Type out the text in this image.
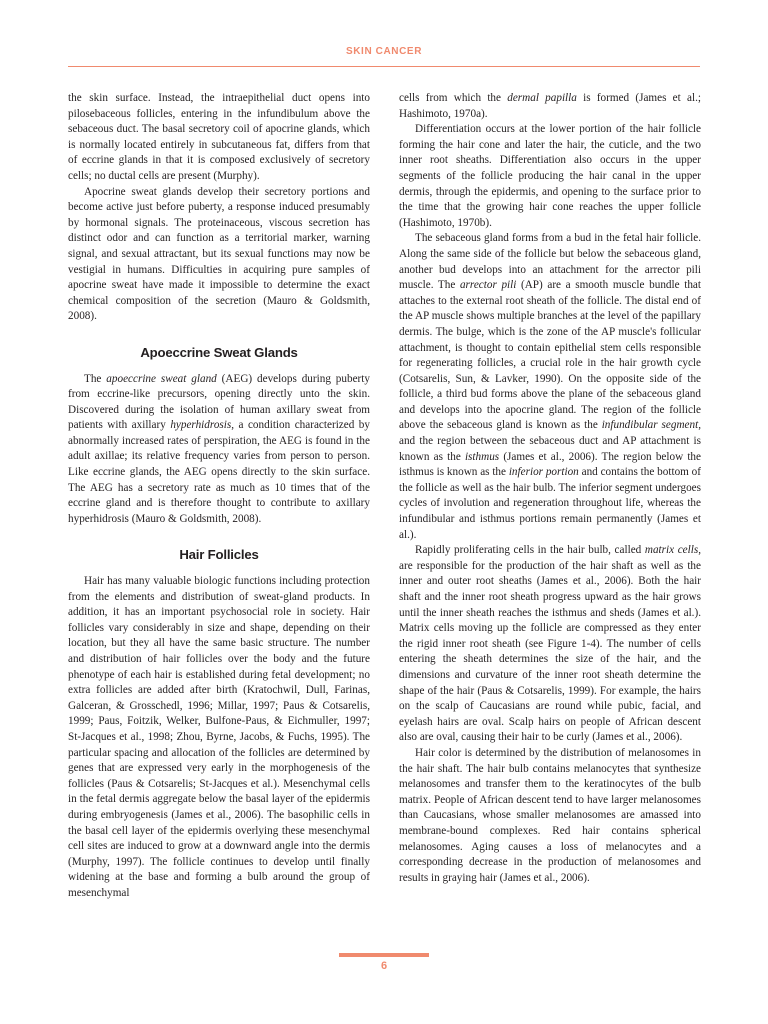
SKIN CANCER

the skin surface. Instead, the intraepithelial duct opens into pilosebaceous follicles, entering in the infundibulum above the sebaceous duct. The basal secretory coil of apocrine glands, which is normally located entirely in subcutaneous fat, differs from that of eccrine glands in that it is composed exclusively of secretory cells; no ductal cells are present (Murphy).

Apocrine sweat glands develop their secretory portions and become active just before puberty, a response induced presumably by hormonal signals. The proteinaceous, viscous secretion has distinct odor and can function as a territorial marker, warning signal, and sexual attractant, but its sexual functions may now be vestigial in humans. Difficulties in acquiring pure samples of apocrine sweat have made it impossible to determine the exact chemical composition of the secretion (Mauro & Goldsmith, 2008).

Apoeccrine Sweat Glands

The apoeccrine sweat gland (AEG) develops during puberty from eccrine-like precursors, opening directly unto the skin. Discovered during the isolation of human axillary sweat from patients with axillary hyperhidrosis, a condition characterized by abnormally increased rates of perspiration, the AEG is found in the adult axillae; its relative frequency varies from person to person. Like eccrine glands, the AEG opens directly to the skin surface. The AEG has a secretory rate as much as 10 times that of the eccrine gland and is therefore thought to contribute to axillary hyperhidrosis (Mauro & Goldsmith, 2008).

Hair Follicles

Hair has many valuable biologic functions including protection from the elements and distribution of sweat-gland products. In addition, it has an important psychosocial role in society. Hair follicles vary considerably in size and shape, depending on their location, but they all have the same basic structure. The number and distribution of hair follicles over the body and the future phenotype of each hair is established during fetal development; no extra follicles are added after birth (Kratochwil, Dull, Farinas, Galceran, & Grosschedl, 1996; Millar, 1997; Paus & Cotsarelis, 1999; Paus, Foitzik, Welker, Bulfone-Paus, & Eichmuller, 1997; St-Jacques et al., 1998; Zhou, Byrne, Jacobs, & Fuchs, 1995). The particular spacing and allocation of the follicles are determined by genes that are expressed very early in the morphogenesis of the follicles (Paus & Cotsarelis; St-Jacques et al.). Mesenchymal cells in the fetal dermis aggregate below the basal layer of the epidermis during embryogenesis (James et al., 2006). The basophilic cells in the basal cell layer of the epidermis overlying these mesenchymal cell sites are induced to grow at a downward angle into the dermis (Murphy, 1997). The follicle continues to develop until finally widening at the base and forming a bulb around the group of mesenchymal

cells from which the dermal papilla is formed (James et al.; Hashimoto, 1970a).

Differentiation occurs at the lower portion of the hair follicle forming the hair cone and later the hair, the cuticle, and the two inner root sheaths. Differentiation also occurs in the upper segments of the follicle producing the hair canal in the upper dermis, through the epidermis, and opening to the surface prior to the time that the growing hair cone reaches the upper follicle (Hashimoto, 1970b).

The sebaceous gland forms from a bud in the fetal hair follicle. Along the same side of the follicle but below the sebaceous gland, another bud develops into an attachment for the arrector pili muscle. The arrector pili (AP) are a smooth muscle bundle that attaches to the external root sheath of the follicle. The distal end of the AP muscle shows multiple branches at the level of the papillary dermis. The bulge, which is the zone of the AP muscle's follicular attachment, is thought to contain epithelial stem cells responsible for regenerating follicles, a crucial role in the hair growth cycle (Cotsarelis, Sun, & Lavker, 1990). On the opposite side of the follicle, a third bud forms above the plane of the sebaceous gland and develops into the apocrine gland. The region of the follicle above the sebaceous gland is known as the infundibular segment, and the region between the sebaceous duct and AP attachment is known as the isthmus (James et al., 2006). The region below the isthmus is known as the inferior portion and contains the bottom of the follicle as well as the hair bulb. The inferior segment undergoes cycles of involution and regeneration throughout life, whereas the infundibular and isthmus portions remain permanently (James et al.).

Rapidly proliferating cells in the hair bulb, called matrix cells, are responsible for the production of the hair shaft as well as the inner and outer root sheaths (James et al., 2006). Both the hair shaft and the inner root sheath progress upward as the hair grows until the inner sheath reaches the isthmus and sheds (James et al.). Matrix cells moving up the follicle are compressed as they enter the rigid inner root sheath (see Figure 1-4). The number of cells entering the sheath determines the size of the hair, and the dimensions and curvature of the inner root sheath determine the shape of the hair (Paus & Cotsarelis, 1999). For example, the hairs on the scalp of Caucasians are round while pubic, facial, and eyelash hairs are oval. Scalp hairs on people of African descent also are oval, causing their hair to be curly (James et al., 2006).

Hair color is determined by the distribution of melanosomes in the hair shaft. The hair bulb contains melanocytes that synthesize melanosomes and transfer them to the keratinocytes of the bulb matrix. People of African descent tend to have larger melanosomes than Caucasians, whose smaller melanosomes are amassed into membrane-bound complexes. Red hair contains spherical melanosomes. Aging causes a loss of melanocytes and a corresponding decrease in the production of melanosomes and results in graying hair (James et al., 2006).

6
